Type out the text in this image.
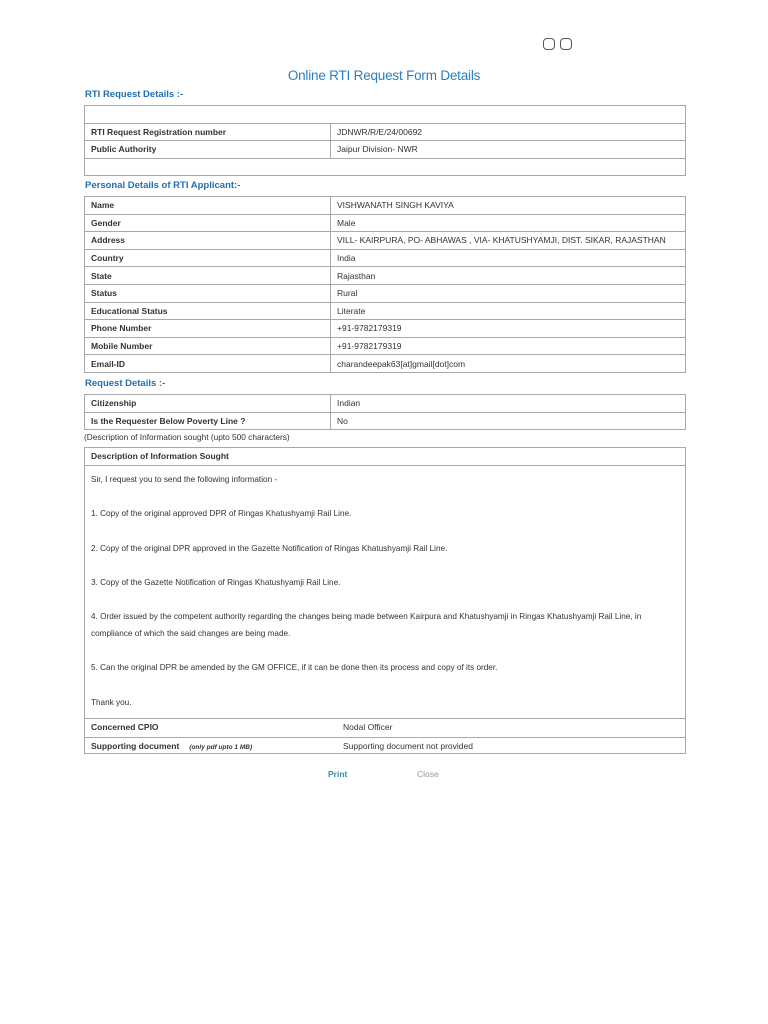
Online RTI Request Form Details
RTI Request Details :-

RTI Request Registration number	JDNWR/R/E/24/00692
Public Authority	Jaipur Division- NWR

Personal Details of RTI Applicant:-
Name	VISHWANATH SINGH KAVIYA
Gender	Male
Address	VILL- KAIRPURA, PO- ABHAWAS , VIA- KHATUSHYAMJI, DIST. SIKAR, RAJASTHAN
Country	India
State	Rajasthan
Status	Rural
Educational Status	Literate
Phone Number	+91-9782179319
Mobile Number	+91-9782179319
Email-ID	charandeepak63[at]gmail[dot]com
Request Details :-
Citizenship	Indian
Is the Requester Below Poverty Line ?	No
(Description of Information sought (upto 500 characters)
Description of Information Sought
Sir, I request you to send the following information -
1. Copy of the original approved DPR of Ringas Khatushyamji Rail Line.
2. Copy of the original DPR approved in the Gazette Notification of Ringas Khatushyamji Rail Line.
3. Copy of the Gazette Notification of Ringas Khatushyamji Rail Line.
4. Order issued by the competent authority regarding the changes being made between Kairpura and Khatushyamji in Ringas Khatushyamji Rail Line, in
compliance of which the said changes are being made.
5. Can the original DPR be amended by the GM OFFICE, if it can be done then its process and copy of its order.
Thank you.
Concerned CPIO	Nodal Officer
Supporting document (only pdf upto 1 MB)	Supporting document not provided
Print	Close
